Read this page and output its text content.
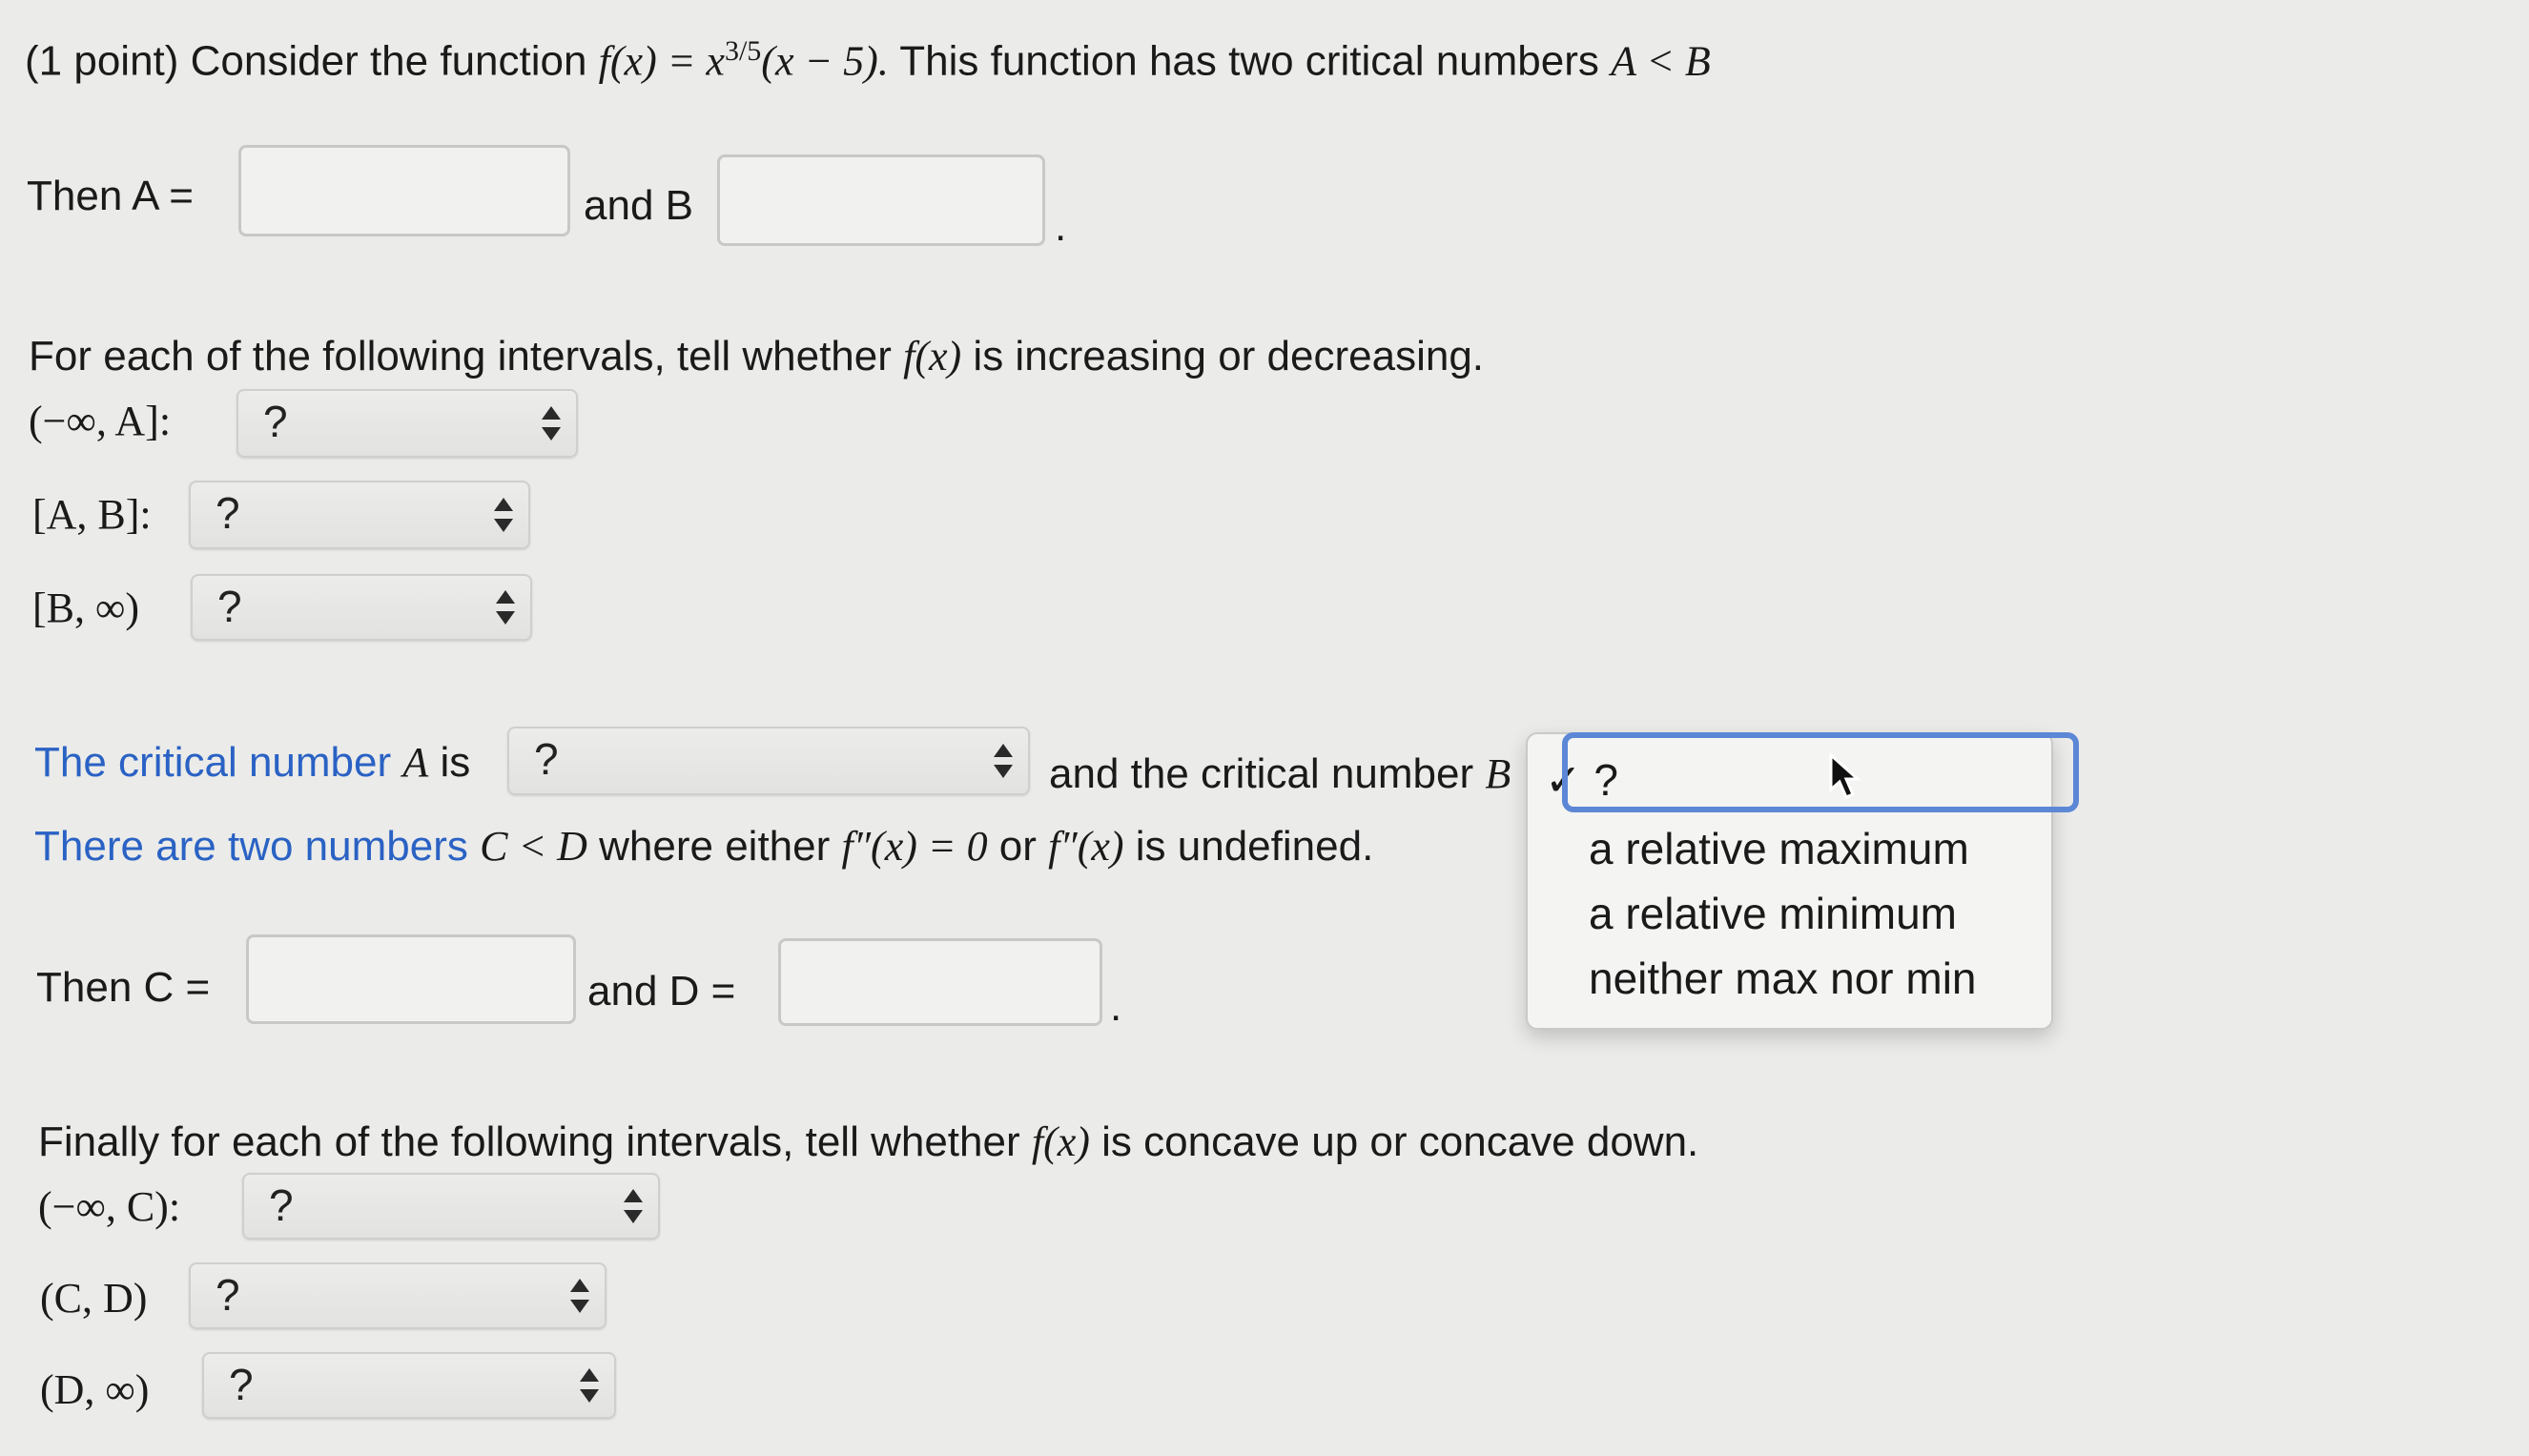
(1 point) Consider the function $f(x) = x^{3/5}(x - 5)$. This function has two critical numbers A < B
Then A =	and B	.
For each of the following intervals, tell whether f(x) is increasing or decreasing.
(−∞, A]: ?
[A, B]: ?
[B, ∞) ?
The critical number A is ?	and the critical number B
There are two numbers C < D where either f″(x) = 0 or f″(x) is undefined.
Then C =	and D =	.
✓ ?
a relative maximum
a relative minimum
neither max nor min
Finally for each of the following intervals, tell whether f(x) is concave up or concave down.
(−∞, C): ?
(C, D) ?
(D, ∞) ?
